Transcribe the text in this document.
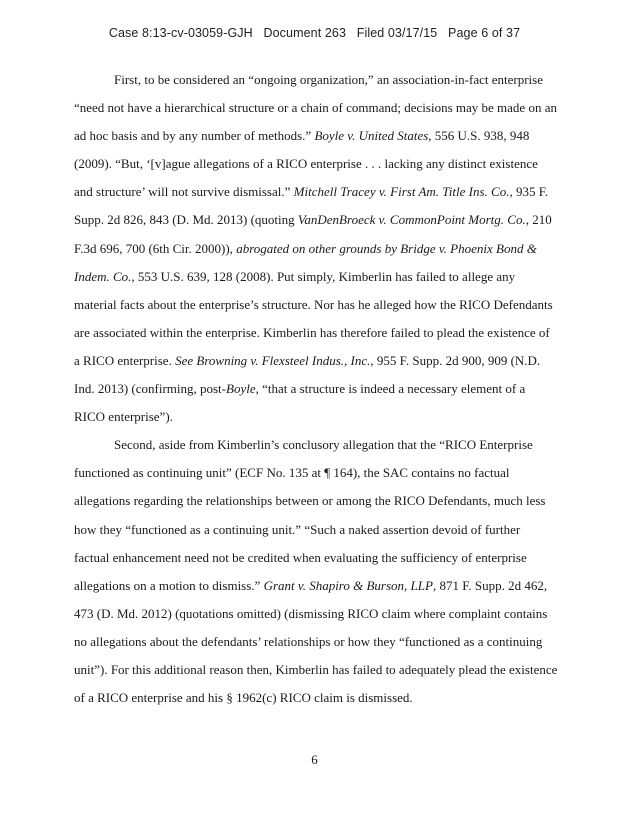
Case 8:13-cv-03059-GJH   Document 263   Filed 03/17/15   Page 6 of 37

First, to be considered an “ongoing organization,” an association-in-fact enterprise “need not have a hierarchical structure or a chain of command; decisions may be made on an ad hoc basis and by any number of methods.” Boyle v. United States, 556 U.S. 938, 948 (2009). “But, ‘[v]ague allegations of a RICO enterprise . . . lacking any distinct existence and structure’ will not survive dismissal.” Mitchell Tracey v. First Am. Title Ins. Co., 935 F. Supp. 2d 826, 843 (D. Md. 2013) (quoting VanDenBroeck v. CommonPoint Mortg. Co., 210 F.3d 696, 700 (6th Cir. 2000)), abrogated on other grounds by Bridge v. Phoenix Bond & Indem. Co., 553 U.S. 639, 128 (2008). Put simply, Kimberlin has failed to allege any material facts about the enterprise’s structure. Nor has he alleged how the RICO Defendants are associated within the enterprise. Kimberlin has therefore failed to plead the existence of a RICO enterprise. See Browning v. Flexsteel Indus., Inc., 955 F. Supp. 2d 900, 909 (N.D. Ind. 2013) (confirming, post-Boyle, “that a structure is indeed a necessary element of a RICO enterprise”).

Second, aside from Kimberlin’s conclusory allegation that the “RICO Enterprise functioned as continuing unit” (ECF No. 135 at ¶ 164), the SAC contains no factual allegations regarding the relationships between or among the RICO Defendants, much less how they “functioned as a continuing unit.” “Such a naked assertion devoid of further factual enhancement need not be credited when evaluating the sufficiency of enterprise allegations on a motion to dismiss.” Grant v. Shapiro & Burson, LLP, 871 F. Supp. 2d 462, 473 (D. Md. 2012) (quotations omitted) (dismissing RICO claim where complaint contains no allegations about the defendants’ relationships or how they “functioned as a continuing unit”). For this additional reason then, Kimberlin has failed to adequately plead the existence of a RICO enterprise and his § 1962(c) RICO claim is dismissed.

6
